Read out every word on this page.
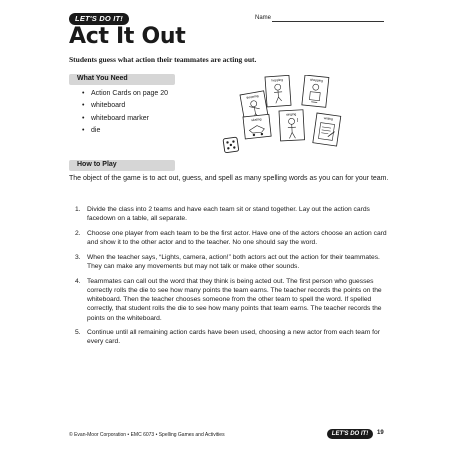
LET'S DO IT!	Name
Act It Out
Students guess what action their teammates are acting out.
What You Need
• Action Cards on page 20
• whiteboard
• whiteboard marker
• die
hopping	shopping
throwing
skating
singing
writing
How to Play
The object of the game is to act out, guess, and spell as many spelling words as you can for your team.
1. Divide the class into 2 teams and have each team sit or stand together. Lay out the action cards facedown on a table, all separate.
2. Choose one player from each team to be the first actor. Have one of the actors choose an action card and show it to the other actor and to the teacher. No one should say the word.
3. When the teacher says, “Lights, camera, action!” both actors act out the action for their teammates. They can make any movements but may not talk or make other sounds.
4. Teammates can call out the word that they think is being acted out. The first person who guesses correctly rolls the die to see how many points the team earns. The teacher records the points on the whiteboard. Then the teacher chooses someone from the other team to spell the word. If spelled correctly, that student rolls the die to see how many points that team earns. The teacher records the points on the whiteboard.
5. Continue until all remaining action cards have been used, choosing a new actor from each team for every card.
© Evan-Moor Corporation • EMC 6073 • Spelling Games and Activities	LET'S DO IT!	19
